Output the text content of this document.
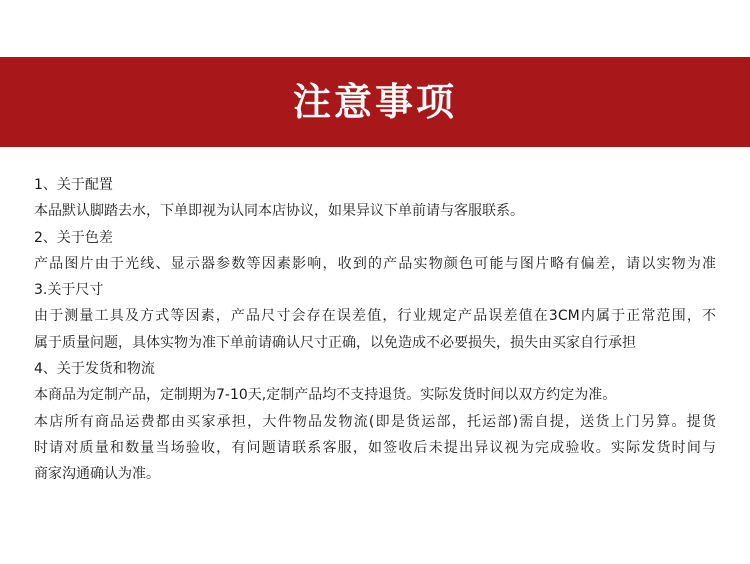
注意事项
1、关于配置
本品默认脚踏去水，下单即视为认同本店协议，如果异议下单前请与客服联系。
2、关于色差
产品图片由于光线、显示器参数等因素影响，收到的产品实物颜色可能与图片略有偏差，请以实物为准
3.关于尺寸
由于测量工具及方式等因素，产品尺寸会存在误差值，行业规定产品误差值在3CM内属于正常范围，不
属于质量问题，具体实物为准下单前请确认尺寸正确，以免造成不必要损失，损失由买家自行承担
4、关于发货和物流
本商品为定制产品，定制期为7-10天,定制产品均不支持退货。实际发货时间以双方约定为准。
本店所有商品运费都由买家承担，大件物品发物流(即是货运部，托运部)需自提，送货上门另算。提货
时请对质量和数量当场验收，有问题请联系客服，如签收后未提出异议视为完成验收。实际发货时间与
商家沟通确认为准。
